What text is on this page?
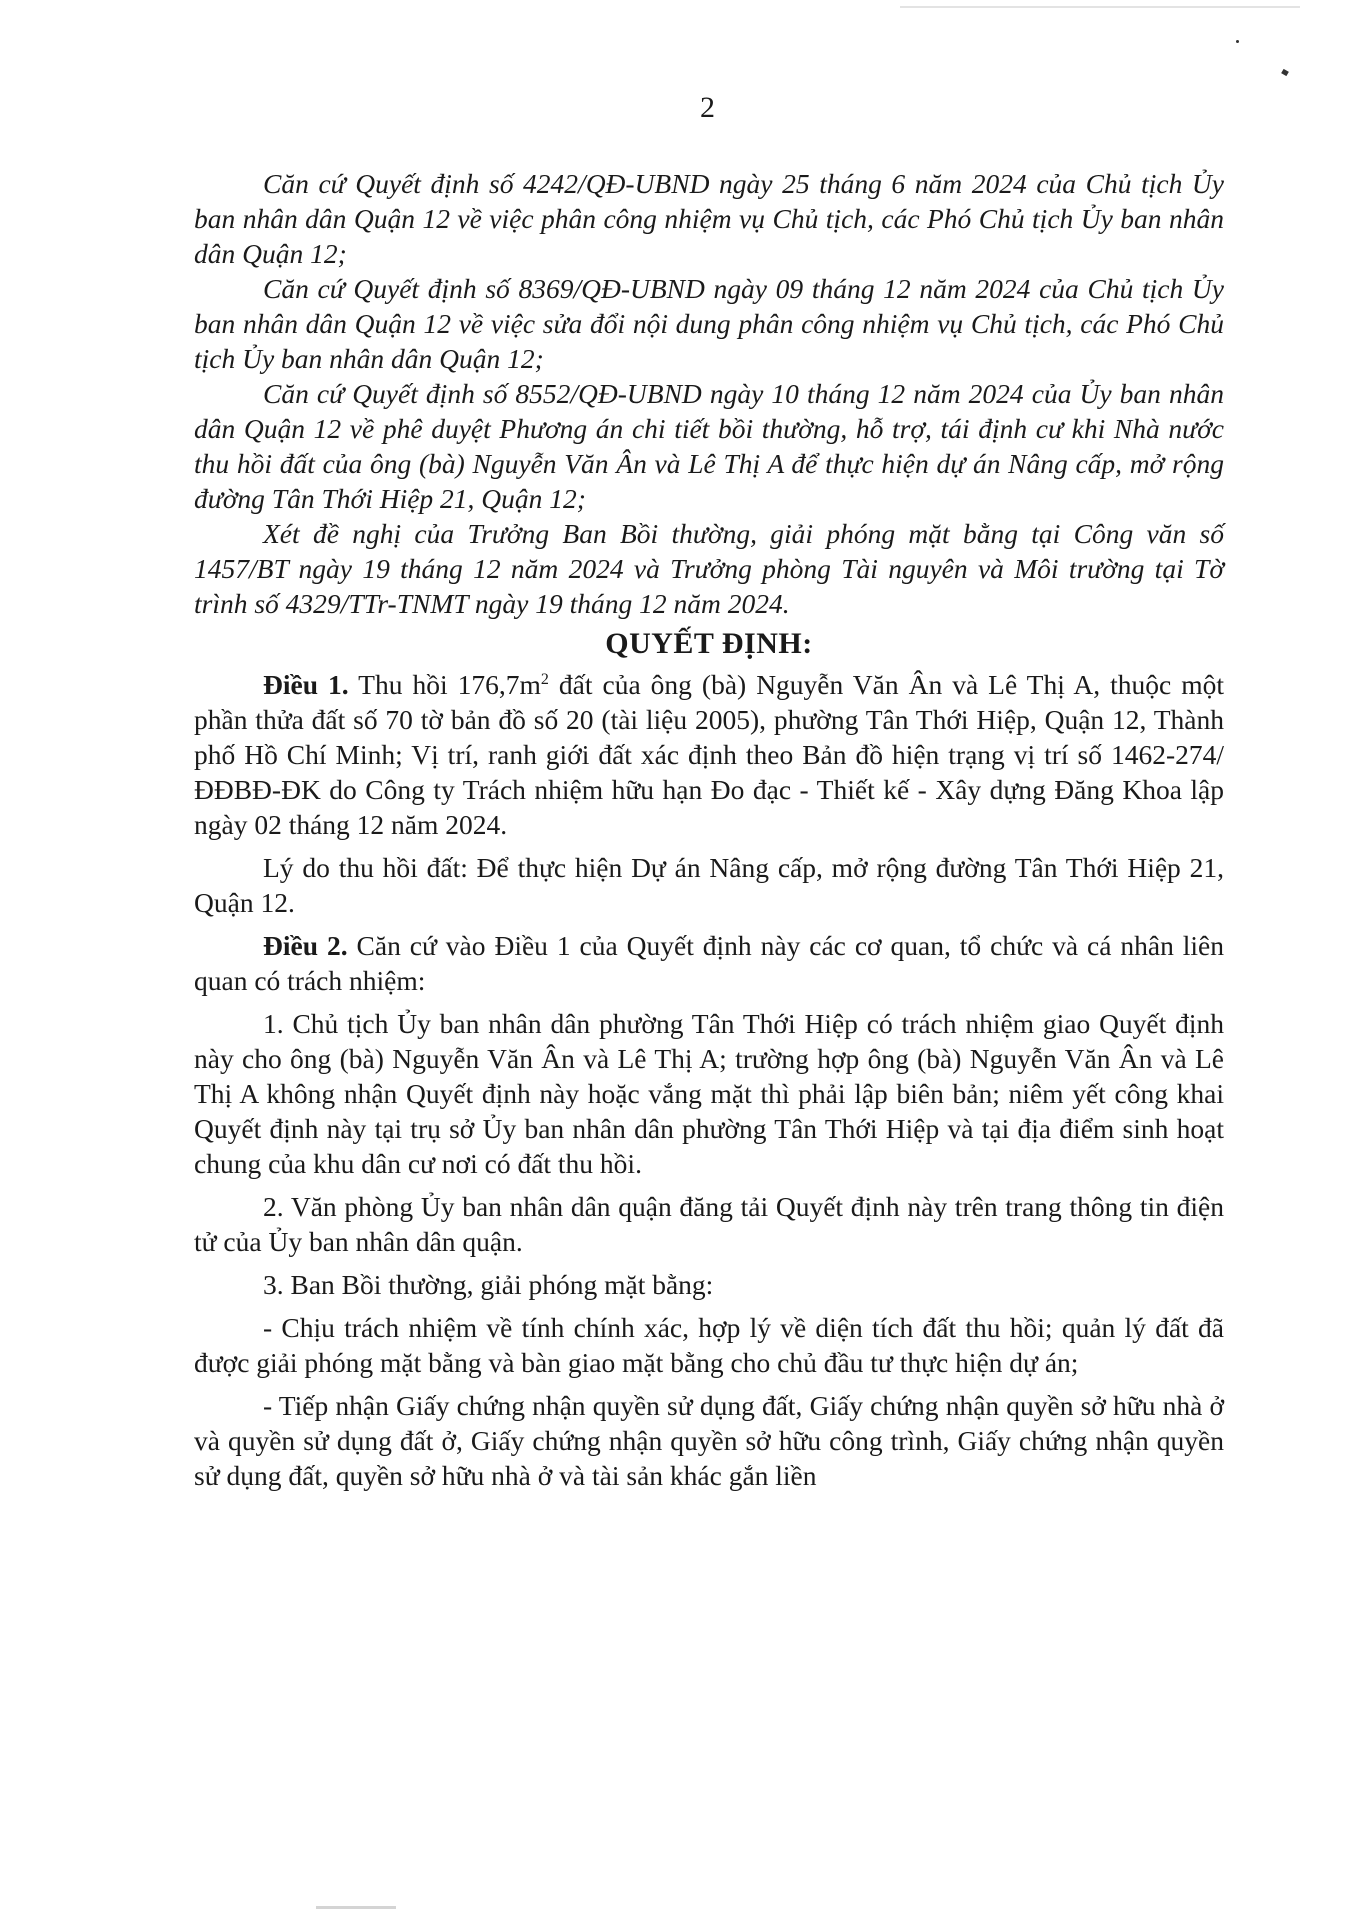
2

Căn cứ Quyết định số 4242/QĐ-UBND ngày 25 tháng 6 năm 2024 của Chủ tịch Ủy ban nhân dân Quận 12 về việc phân công nhiệm vụ Chủ tịch, các Phó Chủ tịch Ủy ban nhân dân Quận 12;

Căn cứ Quyết định số 8369/QĐ-UBND ngày 09 tháng 12 năm 2024 của Chủ tịch Ủy ban nhân dân Quận 12 về việc sửa đổi nội dung phân công nhiệm vụ Chủ tịch, các Phó Chủ tịch Ủy ban nhân dân Quận 12;

Căn cứ Quyết định số 8552/QĐ-UBND ngày 10 tháng 12 năm 2024 của Ủy ban nhân dân Quận 12 về phê duyệt Phương án chi tiết bồi thường, hỗ trợ, tái định cư khi Nhà nước thu hồi đất của ông (bà) Nguyễn Văn Ân và Lê Thị A để thực hiện dự án Nâng cấp, mở rộng đường Tân Thới Hiệp 21, Quận 12;

Xét đề nghị của Trưởng Ban Bồi thường, giải phóng mặt bằng tại Công văn số 1457/BT ngày 19 tháng 12 năm 2024 và Trưởng phòng Tài nguyên và Môi trường tại Tờ trình số 4329/TTr-TNMT ngày 19 tháng 12 năm 2024.

QUYẾT ĐỊNH:

Điều 1. Thu hồi $176,7m^2$ đất của ông (bà) Nguyễn Văn Ân và Lê Thị A, thuộc một phần thửa đất số 70 tờ bản đồ số 20 (tài liệu 2005), phường Tân Thới Hiệp, Quận 12, Thành phố Hồ Chí Minh; Vị trí, ranh giới đất xác định theo Bản đồ hiện trạng vị trí số 1462-274/ĐĐBĐ-ĐK do Công ty Trách nhiệm hữu hạn Đo đạc - Thiết kế - Xây dựng Đăng Khoa lập ngày 02 tháng 12 năm 2024.

Lý do thu hồi đất: Để thực hiện Dự án Nâng cấp, mở rộng đường Tân Thới Hiệp 21, Quận 12.

Điều 2. Căn cứ vào Điều 1 của Quyết định này các cơ quan, tổ chức và cá nhân liên quan có trách nhiệm:

1. Chủ tịch Ủy ban nhân dân phường Tân Thới Hiệp có trách nhiệm giao Quyết định này cho ông (bà) Nguyễn Văn Ân và Lê Thị A; trường hợp ông (bà) Nguyễn Văn Ân và Lê Thị A không nhận Quyết định này hoặc vắng mặt thì phải lập biên bản; niêm yết công khai Quyết định này tại trụ sở Ủy ban nhân dân phường Tân Thới Hiệp và tại địa điểm sinh hoạt chung của khu dân cư nơi có đất thu hồi.

2. Văn phòng Ủy ban nhân dân quận đăng tải Quyết định này trên trang thông tin điện tử của Ủy ban nhân dân quận.

3. Ban Bồi thường, giải phóng mặt bằng:

- Chịu trách nhiệm về tính chính xác, hợp lý về diện tích đất thu hồi; quản lý đất đã được giải phóng mặt bằng và bàn giao mặt bằng cho chủ đầu tư thực hiện dự án;

- Tiếp nhận Giấy chứng nhận quyền sử dụng đất, Giấy chứng nhận quyền sở hữu nhà ở và quyền sử dụng đất ở, Giấy chứng nhận quyền sở hữu công trình, Giấy chứng nhận quyền sử dụng đất, quyền sở hữu nhà ở và tài sản khác gắn liền
